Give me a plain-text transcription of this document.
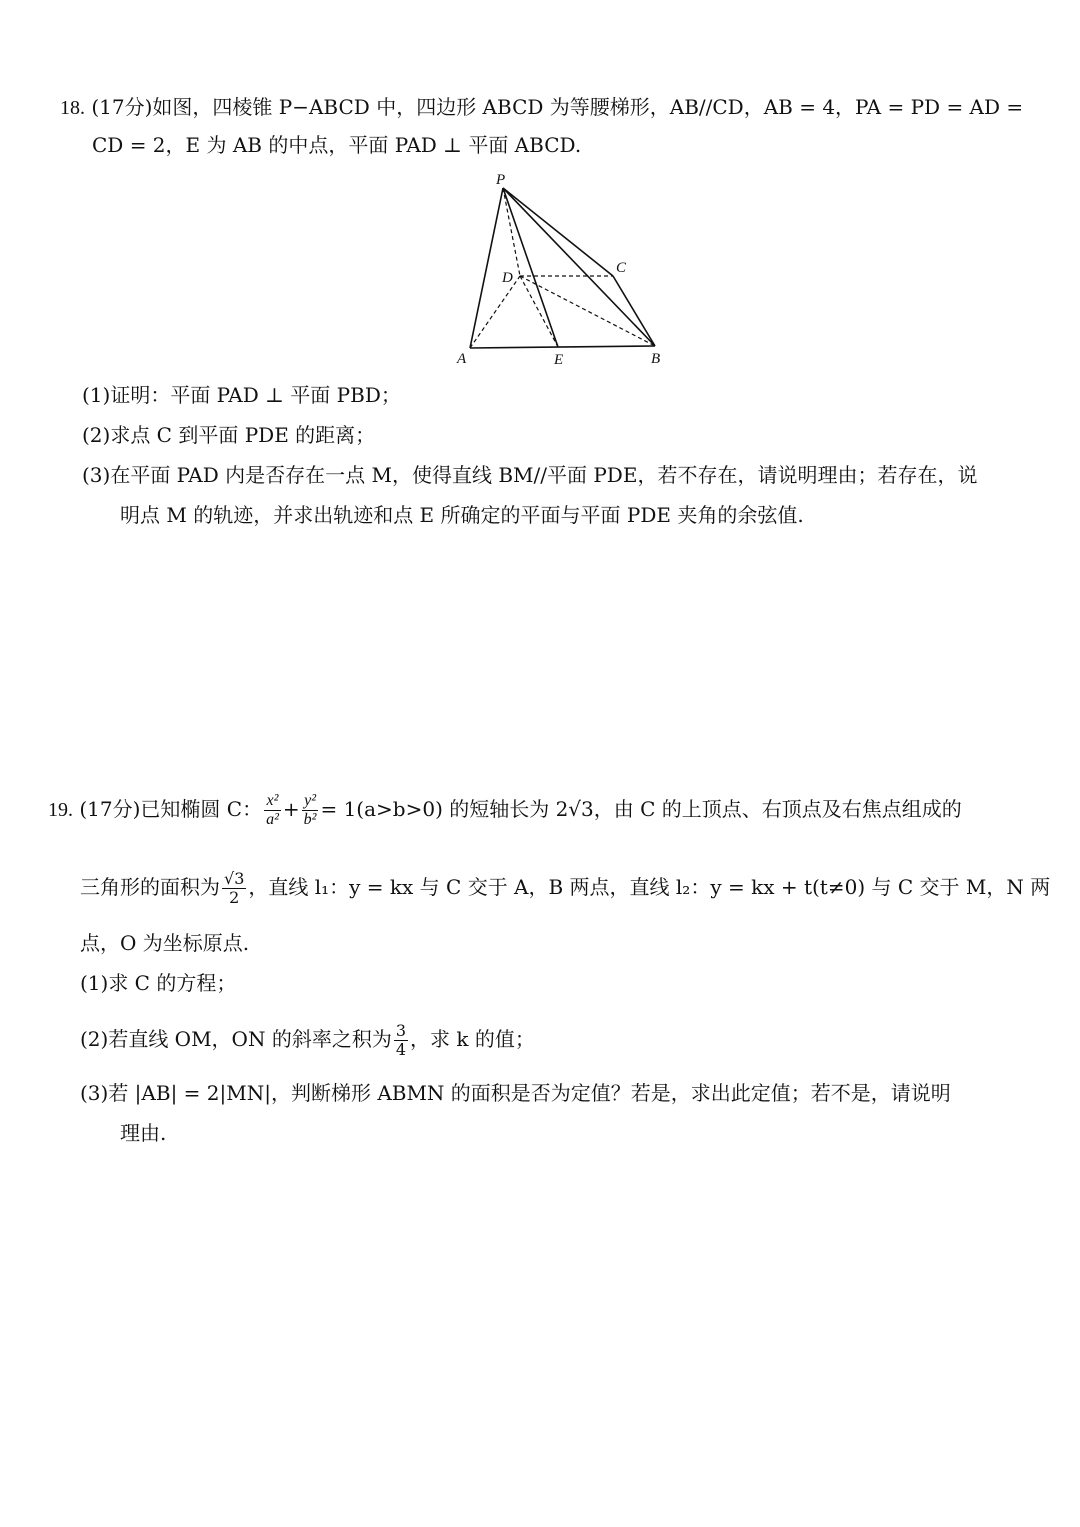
18. (17分)如图，四棱锥 P−ABCD 中，四边形 ABCD 为等腰梯形，AB//CD，AB = 4，PA = PD = AD =
CD = 2，E 为 AB 的中点，平面 PAD ⊥ 平面 ABCD.
P
C
D
A	E	B
(1)证明：平面 PAD ⊥ 平面 PBD；
(2)求点 C 到平面 PDE 的距离；
(3)在平面 PAD 内是否存在一点 M，使得直线 BM//平面 PDE，若不存在，请说明理由；若存在，说
明点 M 的轨迹，并求出轨迹和点 E 所确定的平面与平面 PDE 夹角的余弦值.
19. (17分)已知椭圆 C： $\frac{\text{x²}}{\text{a²}} + \frac{\text{y²}}{\text{b²}} = 1(a>b>0)$ 的短轴长为 2√3，由 C 的上顶点、右顶点及右焦点组成的
三角形的面积为 $\frac{√3}{2}$ ，直线 l₁：y = kx 与 C 交于 A，B 两点，直线 l₂：y = kx + t(t≠0) 与 C 交于 M，N 两
点，O 为坐标原点.
(1)求 C 的方程；
(2)若直线 OM，ON 的斜率之积为 $\frac{3}{4}$ ，求 k 的值；
(3)若 |AB| = 2|MN|，判断梯形 ABMN 的面积是否为定值？若是，求出此定值；若不是，请说明
理由.
